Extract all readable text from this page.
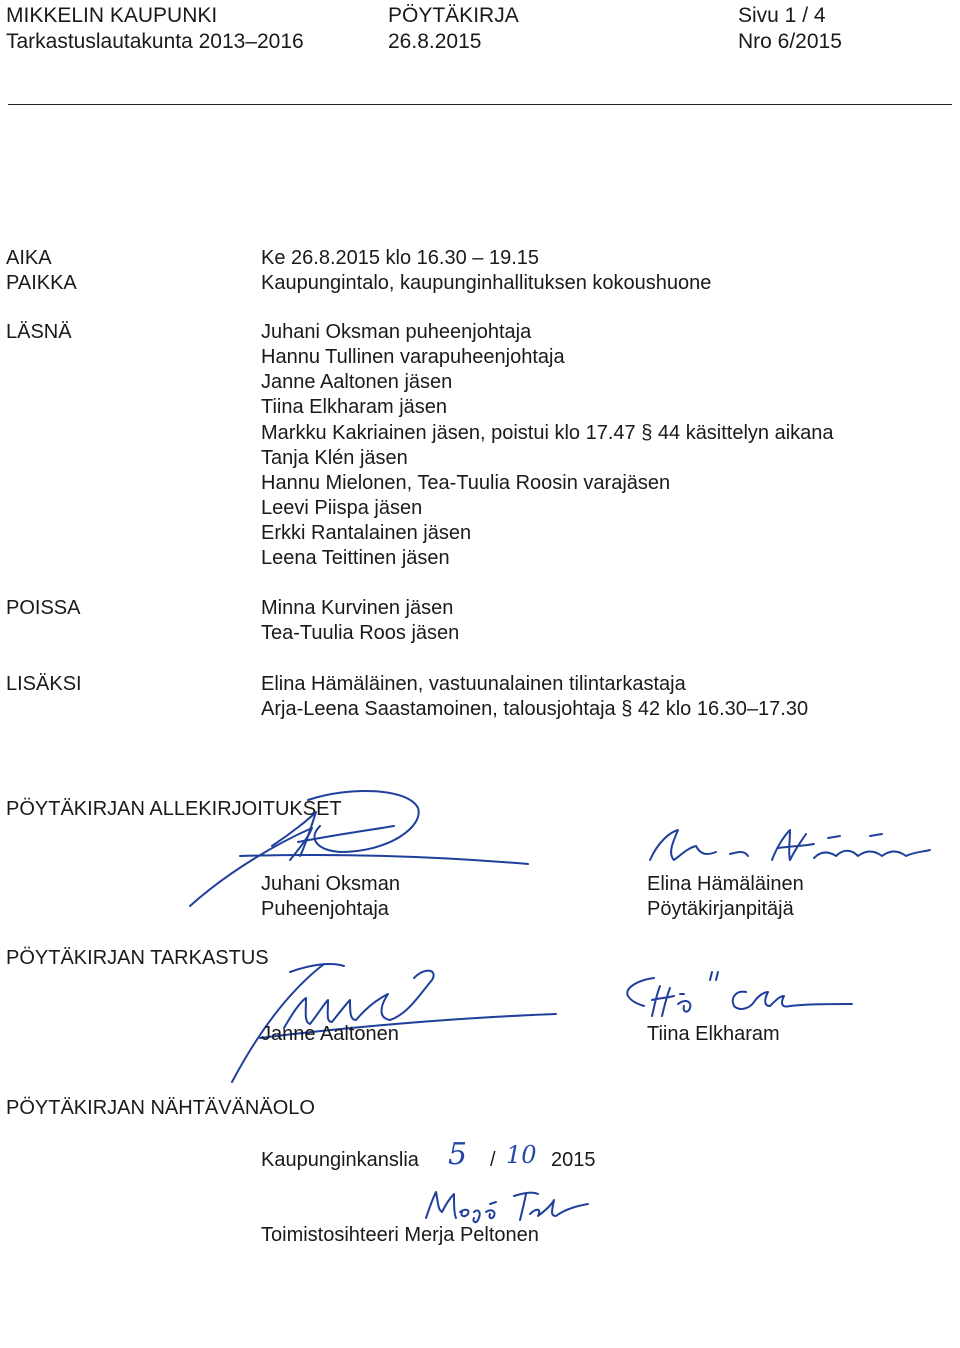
MIKKELIN KAUPUNKI
Tarkastuslautakunta 2013–2016
PÖYTÄKIRJA
26.8.2015
Sivu 1 / 4
Nro 6/2015
AIKA	Ke 26.8.2015 klo 16.30 – 19.15
PAIKKA	Kaupungintalo, kaupunginhallituksen kokoushuone
LÄSNÄ	Juhani Oksman puheenjohtaja
Hannu Tullinen varapuheenjohtaja
Janne Aaltonen jäsen
Tiina Elkharam jäsen
Markku Kakriainen jäsen, poistui klo 17.47 § 44 käsittelyn aikana
Tanja Klén jäsen
Hannu Mielonen, Tea-Tuulia Roosin varajäsen
Leevi Piispa jäsen
Erkki Rantalainen jäsen
Leena Teittinen jäsen
POISSA	Minna Kurvinen jäsen
Tea-Tuulia Roos jäsen
LISÄKSI	Elina Hämäläinen, vastuunalainen tilintarkastaja
Arja-Leena Saastamoinen, talousjohtaja § 42 klo 16.30–17.30
PÖYTÄKIRJAN ALLEKIRJOITUKSET
Juhani Oksman
Puheenjohtaja
Elina Hämäläinen
Pöytäkirjanpitäjä
PÖYTÄKIRJAN TARKASTUS
Janne Aaltonen	Tiina Elkharam
PÖYTÄKIRJAN NÄHTÄVÄNÄOLO
Kaupunginkanslia 5 / 10 2015
Toimistosihteeri Merja Peltonen
